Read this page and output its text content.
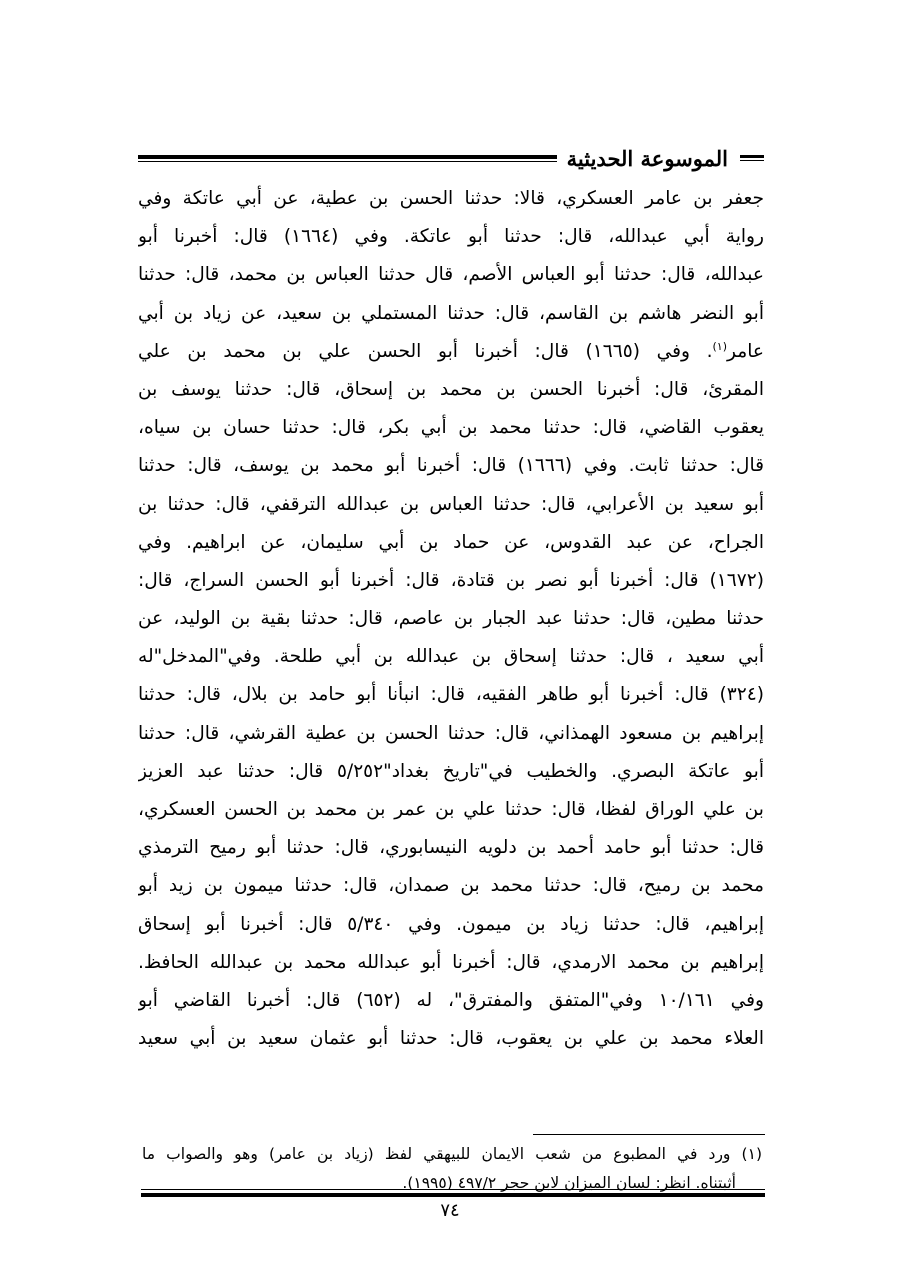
الموسوعة الحديثية
جعفر بن عامر العسكري، قالا: حدثنا الحسن بن عطية، عن أبي عاتكة وفي
رواية أبي عبدالله، قال: حدثنا أبو عاتكة. وفي (١٦٦٤) قال: أخبرنا أبو
عبدالله، قال: حدثنا أبو العباس الأصم، قال حدثنا العباس بن محمد، قال: حدثنا
أبو النضر هاشم بن القاسم، قال: حدثنا المستملي بن سعيد، عن زياد بن أبي
عامر$^{(١)}$. وفي (١٦٦٥) قال: أخبرنا أبو الحسن علي بن محمد بن علي
المقرئ، قال: أخبرنا الحسن بن محمد بن إسحاق، قال: حدثنا يوسف بن
يعقوب القاضي، قال: حدثنا محمد بن أبي بكر، قال: حدثنا حسان بن سياه،
قال: حدثنا ثابت. وفي (١٦٦٦) قال: أخبرنا أبو محمد بن يوسف، قال: حدثنا
أبو سعيد بن الأعرابي، قال: حدثنا العباس بن عبدالله الترقفي، قال: حدثنا بن
الجراح، عن عبد القدوس، عن حماد بن أبي سليمان، عن ابراهيم. وفي
(١٦٧٢) قال: أخبرنا أبو نصر بن قتادة، قال: أخبرنا أبو الحسن السراج، قال:
حدثنا مطين، قال: حدثنا عبد الجبار بن عاصم، قال: حدثنا بقية بن الوليد، عن
أبي سعيد ، قال: حدثنا إسحاق بن عبدالله بن أبي طلحة. وفي"المدخل"له
(٣٢٤) قال: أخبرنا أبو طاهر الفقيه، قال: انبأنا أبو حامد بن بلال، قال: حدثنا
إبراهيم بن مسعود الهمذاني، قال: حدثنا الحسن بن عطية القرشي، قال: حدثنا
أبو عاتكة البصري. والخطيب في"تاريخ بغداد"٥/٢٥٢ قال: حدثنا عبد العزيز
بن علي الوراق لفظا، قال: حدثنا علي بن عمر بن محمد بن الحسن العسكري،
قال: حدثنا أبو حامد أحمد بن دلويه النيسابوري، قال: حدثنا أبو رميح الترمذي
محمد بن رميح، قال: حدثنا محمد بن صمدان، قال: حدثنا ميمون بن زيد أبو
إبراهيم، قال: حدثنا زياد بن ميمون. وفي ٥/٣٤٠ قال: أخبرنا أبو إسحاق
إبراهيم بن محمد الارمدي، قال: أخبرنا أبو عبدالله محمد بن عبدالله الحافظ.
وفي ١٠/١٦١ وفي"المتفق والمفترق"، له (٦٥٢) قال: أخبرنا القاضي أبو
العلاء محمد بن علي بن يعقوب، قال: حدثنا أبو عثمان سعيد بن أبي سعيد
(١) ورد في المطبوع من شعب الايمان للبيهقي لفظ (زياد بن عامر) وهو والصواب ما
أثبتناه. انظر: لسان الميزان لابن حجر ٤٩٧/٢ (١٩٩٥).
٧٤
